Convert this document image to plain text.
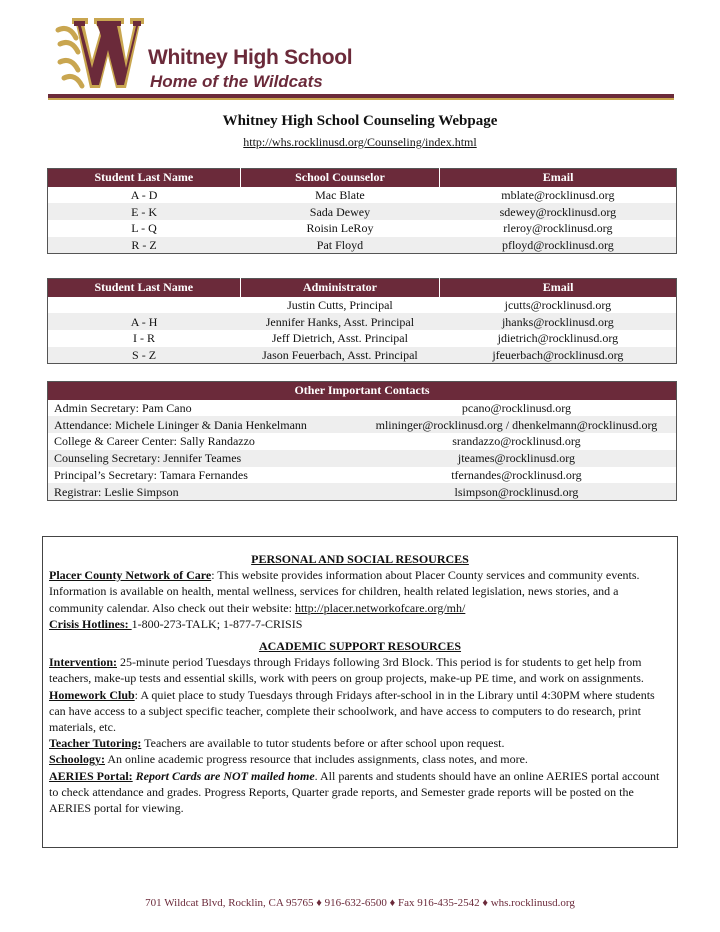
Whitney High School
Home of the Wildcats
Whitney High School Counseling Webpage
http://whs.rocklinusd.org/Counseling/index.html
Student Last Name	School Counselor	Email
A - D	Mac Blate	mblate@rocklinusd.org
E - K	Sada Dewey	sdewey@rocklinusd.org
L - Q	Roisin LeRoy	rleroy@rocklinusd.org
R - Z	Pat Floyd	pfloyd@rocklinusd.org
Student Last Name	Administrator	Email
	Justin Cutts, Principal	jcutts@rocklinusd.org
A - H	Jennifer Hanks, Asst. Principal	jhanks@rocklinusd.org
I - R	Jeff Dietrich, Asst. Principal	jdietrich@rocklinusd.org
S - Z	Jason Feuerbach, Asst. Principal	jfeuerbach@rocklinusd.org
Other Important Contacts	
Admin Secretary: Pam Cano	pcano@rocklinusd.org
Attendance: Michele Lininger & Dania Henkelmann	mlininger@rocklinusd.org / dhenkelmann@rocklinusd.org
College & Career Center: Sally Randazzo	srandazzo@rocklinusd.org
Counseling Secretary: Jennifer Teames	jteames@rocklinusd.org
Principal’s Secretary: Tamara Fernandes	tfernandes@rocklinusd.org
Registrar: Leslie Simpson	lsimpson@rocklinusd.org
PERSONAL AND SOCIAL RESOURCES

Placer County Network of Care: This website provides information about Placer County services and community events. Information is available on health, mental wellness, services for children, health related legislation, news stories, and a community calendar. Also check out their website: http://placer.networkofcare.org/mh/

Crisis Hotlines: 1-800-273-TALK; 1-877-7-CRISIS

ACADEMIC SUPPORT RESOURCES

Intervention: 25-minute period Tuesdays through Fridays following 3rd Block. This period is for students to get help from teachers, make-up tests and essential skills, work with peers on group projects, make-up PE time, and work on assignments.

Homework Club: A quiet place to study Tuesdays through Fridays after-school in in the Library until 4:30PM where students can have access to a subject specific teacher, complete their schoolwork, and have access to computers to do research, print materials, etc.

Teacher Tutoring: Teachers are available to tutor students before or after school upon request.

Schoology: An online academic progress resource that includes assignments, class notes, and more.

AERIES Portal: Report Cards are NOT mailed home. All parents and students should have an online AERIES portal account to check attendance and grades. Progress Reports, Quarter grade reports, and Semester grade reports will be posted on the AERIES portal for viewing.

701 Wildcat Blvd, Rocklin, CA 95765 ♦ 916-632-6500 ♦ Fax 916-435-2542 ♦ whs.rocklinusd.org
